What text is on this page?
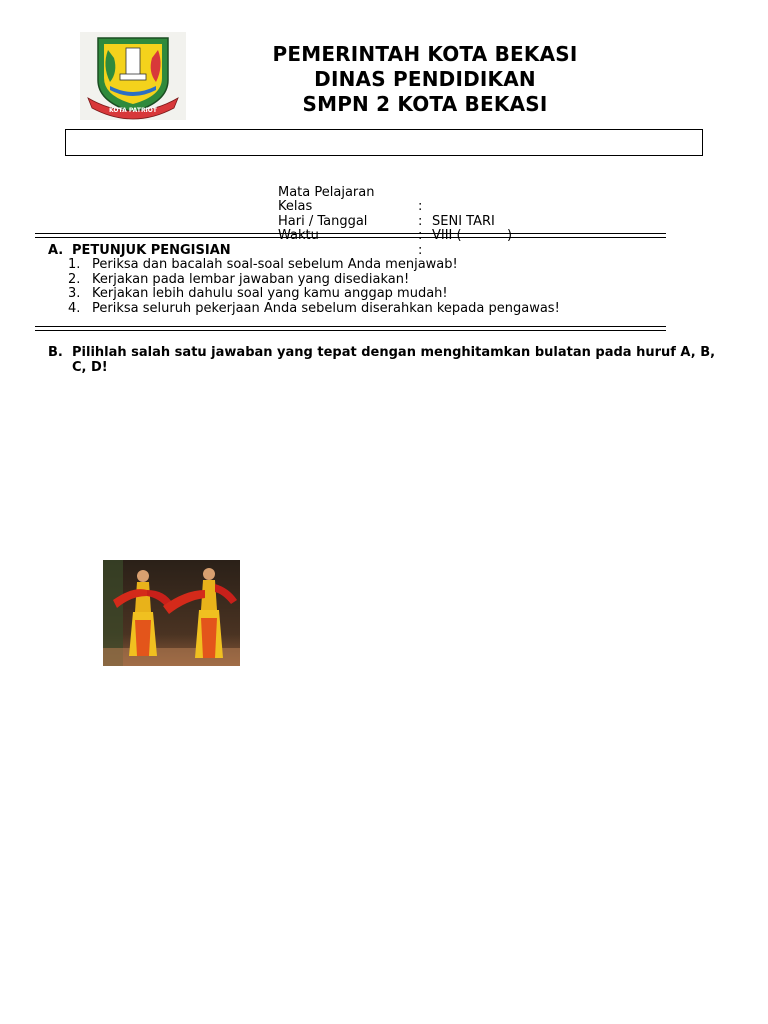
KOTA PATRIOT
PEMERINTAH KOTA BEKASI
DINAS PENDIDIKAN
SMPN 2 KOTA BEKASI

Mata Pelajaran

:

SENI TARI

Kelas

:

VIII (           )

Hari / Tanggal

:

Waktu

:

A. PETUNJUK PENGISIAN
1. Periksa dan bacalah soal-soal sebelum Anda menjawab!
2. Kerjakan pada lembar jawaban yang disediakan!
3. Kerjakan lebih dahulu soal yang kamu anggap mudah!
4. Periksa seluruh pekerjaan Anda sebelum diserahkan kepada pengawas!
B. Pilihlah salah satu jawaban yang tepat dengan menghitamkan bulatan pada huruf A, B, C, D!
